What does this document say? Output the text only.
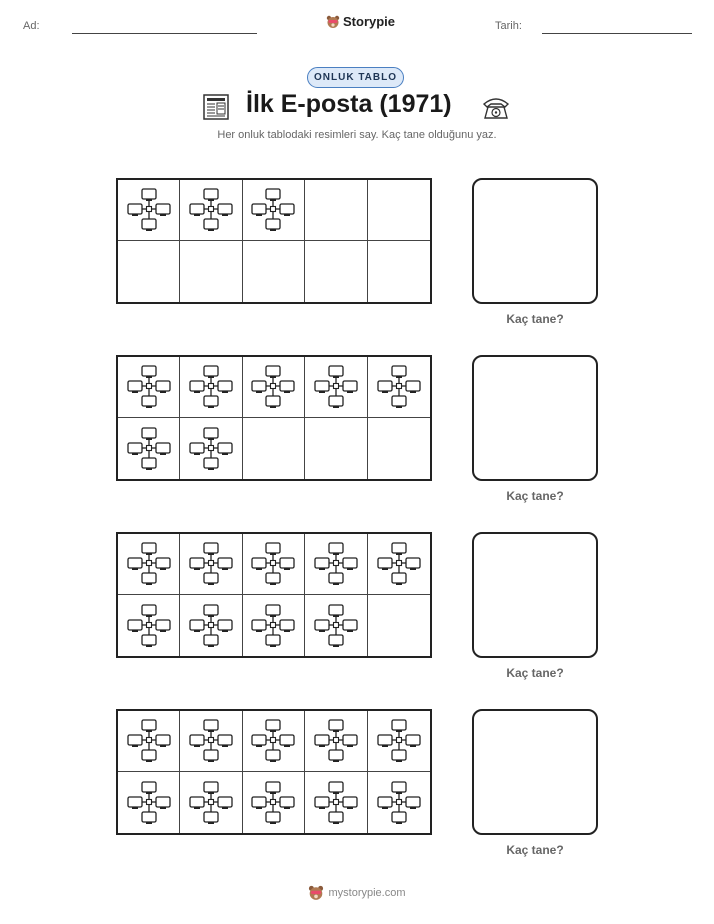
Ad:	Storypie	Tarih:
ONLUK TABLO
İlk E-posta (1971)
Her onluk tablodaki resimleri say. Kaç tane olduğunu yaz.
Kaç tane?
Kaç tane?
Kaç tane?
Kaç tane?
mystorypie.com
